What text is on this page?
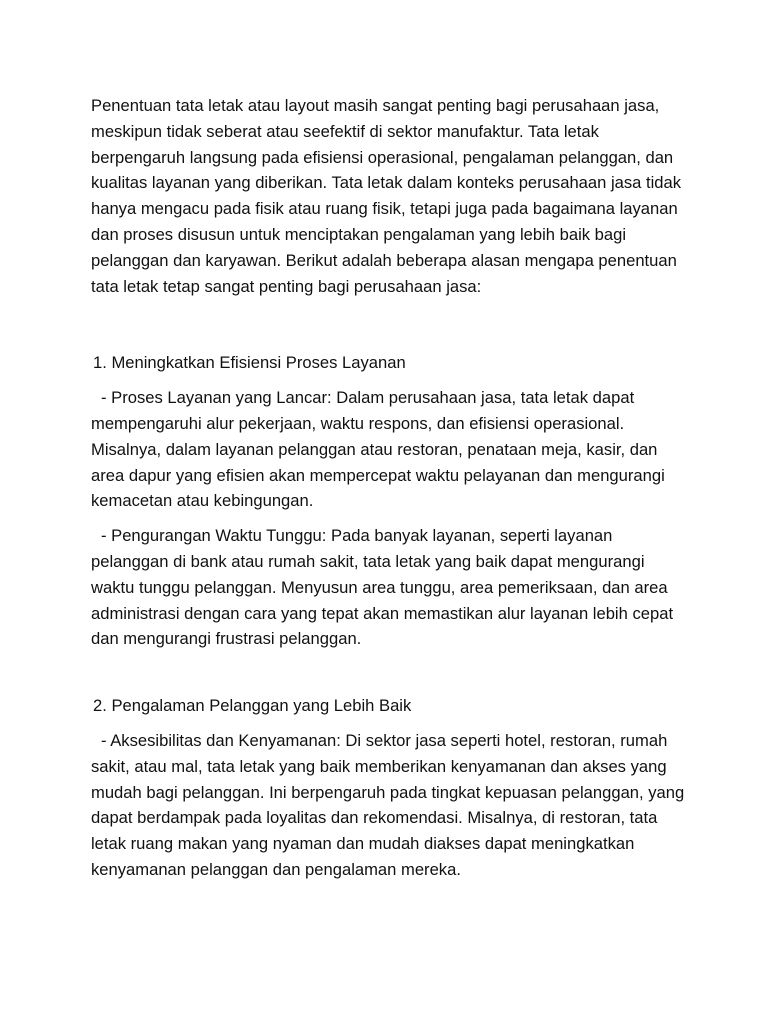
Penentuan tata letak atau layout masih sangat penting bagi perusahaan jasa, meskipun tidak seberat atau seefektif di sektor manufaktur. Tata letak berpengaruh langsung pada efisiensi operasional, pengalaman pelanggan, dan kualitas layanan yang diberikan. Tata letak dalam konteks perusahaan jasa tidak hanya mengacu pada fisik atau ruang fisik, tetapi juga pada bagaimana layanan dan proses disusun untuk menciptakan pengalaman yang lebih baik bagi pelanggan dan karyawan. Berikut adalah beberapa alasan mengapa penentuan tata letak tetap sangat penting bagi perusahaan jasa:

1. Meningkatkan Efisiensi Proses Layanan

- Proses Layanan yang Lancar: Dalam perusahaan jasa, tata letak dapat mempengaruhi alur pekerjaan, waktu respons, dan efisiensi operasional. Misalnya, dalam layanan pelanggan atau restoran, penataan meja, kasir, dan area dapur yang efisien akan mempercepat waktu pelayanan dan mengurangi kemacetan atau kebingungan.

- Pengurangan Waktu Tunggu: Pada banyak layanan, seperti layanan pelanggan di bank atau rumah sakit, tata letak yang baik dapat mengurangi waktu tunggu pelanggan. Menyusun area tunggu, area pemeriksaan, dan area administrasi dengan cara yang tepat akan memastikan alur layanan lebih cepat dan mengurangi frustrasi pelanggan.

2. Pengalaman Pelanggan yang Lebih Baik

- Aksesibilitas dan Kenyamanan: Di sektor jasa seperti hotel, restoran, rumah sakit, atau mal, tata letak yang baik memberikan kenyamanan dan akses yang mudah bagi pelanggan. Ini berpengaruh pada tingkat kepuasan pelanggan, yang dapat berdampak pada loyalitas dan rekomendasi. Misalnya, di restoran, tata letak ruang makan yang nyaman dan mudah diakses dapat meningkatkan kenyamanan pelanggan dan pengalaman mereka.
